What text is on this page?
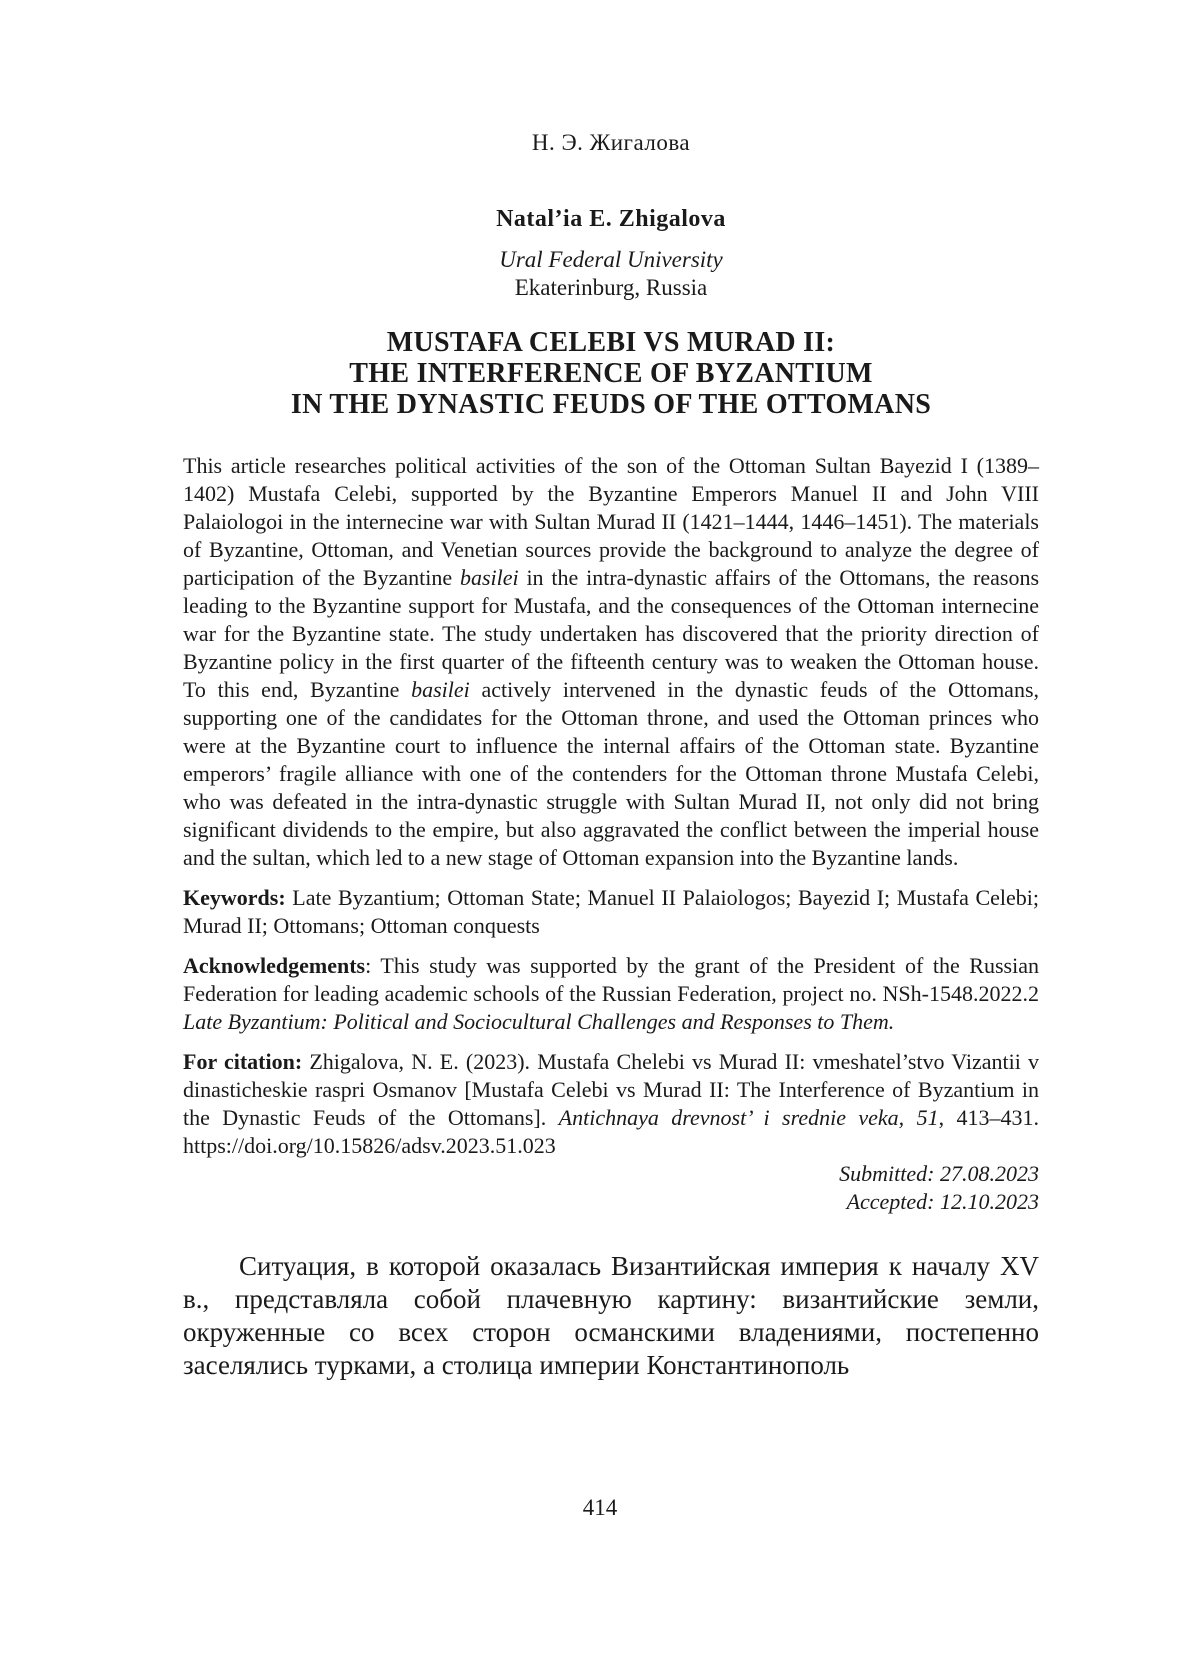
Н. Э. Жигалова

Natal’ia E. Zhigalova

Ural Federal University

Ekaterinburg, Russia

MUSTAFA CELEBI VS MURAD II:
THE INTERFERENCE OF BYZANTIUM
IN THE DYNASTIC FEUDS OF THE OTTOMANS

This article researches political activities of the son of the Ottoman Sultan Bayezid I (1389–1402) Mustafa Celebi, supported by the Byzantine Emperors Manuel II and John VIII Palaiologoi in the internecine war with Sultan Murad II (1421–1444, 1446–1451). The materials of Byzantine, Ottoman, and Venetian sources provide the background to analyze the degree of participation of the Byzantine basilei in the intra-dynastic affairs of the Ottomans, the reasons leading to the Byzantine support for Mustafa, and the consequences of the Ottoman internecine war for the Byzantine state. The study undertaken has discovered that the priority direction of Byzantine policy in the first quarter of the fifteenth century was to weaken the Ottoman house. To this end, Byzantine basilei actively intervened in the dynastic feuds of the Ottomans, supporting one of the candidates for the Ottoman throne, and used the Ottoman princes who were at the Byzantine court to influence the internal affairs of the Ottoman state. Byzantine emperors’ fragile alliance with one of the contenders for the Ottoman throne Mustafa Celebi, who was defeated in the intra-dynastic struggle with Sultan Murad II, not only did not bring significant dividends to the empire, but also aggravated the conflict between the imperial house and the sultan, which led to a new stage of Ottoman expansion into the Byzantine lands.

Keywords: Late Byzantium; Ottoman State; Manuel II Palaiologos; Bayezid I; Mustafa Celebi; Murad II; Ottomans; Ottoman conquests

Acknowledgements: This study was supported by the grant of the President of the Russian Federation for leading academic schools of the Russian Federation, project no. NSh-1548.2022.2 Late Byzantium: Political and Sociocultural Challenges and Responses to Them.

For citation: Zhigalova, N. E. (2023). Mustafa Chelebi vs Murad II: vmeshatel’stvo Vizantii v dinasticheskie raspri Osmanov [Mustafa Celebi vs Murad II: The Interference of Byzantium in the Dynastic Feuds of the Ottomans]. Antichnaya drevnost’ i srednie veka, 51, 413–431. https://doi.org/10.15826/adsv.2023.51.023

Submitted: 27.08.2023

Accepted: 12.10.2023

Ситуация, в которой оказалась Византийская империя к началу XV в., представляла собой плачевную картину: византийские земли, окруженные со всех сторон османскими владениями, постепенно заселялись турками, а столица империи Константинополь

414
